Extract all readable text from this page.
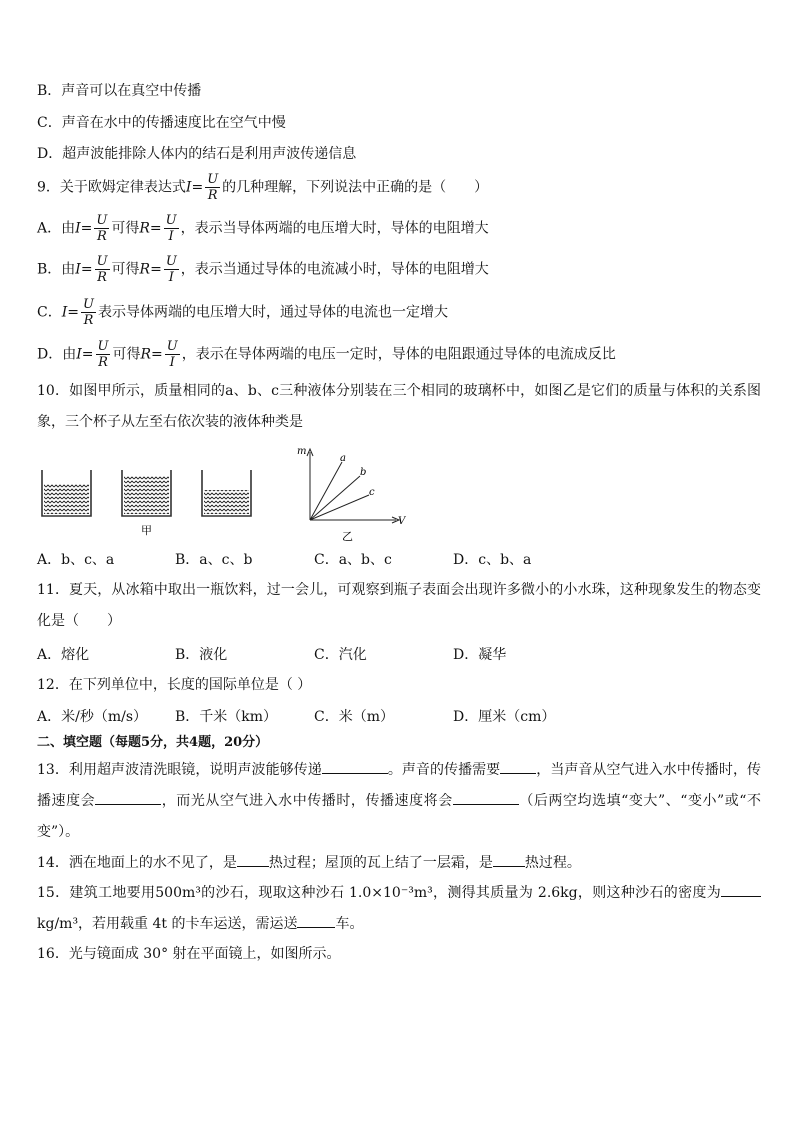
B．声音可以在真空中传播
C．声音在水中的传播速度比在空气中慢
D．超声波能排除人体内的结石是利用声波传递信息
9．关于欧姆定律表达式$I= \frac{U}{R}$ 的几种理解，下列说法中正确的是（　　）
A．由$I= \frac{U}{R}$ 可得$R= \frac{U}{I}$ ，表示当导体两端的电压增大时，导体的电阻增大
B．由$I= \frac{U}{R}$ 可得$R= \frac{U}{I}$ ，表示当通过导体的电流减小时，导体的电阻增大
C．$I= \frac{U}{R}$ 表示导体两端的电压增大时，通过导体的电流也一定增大
D．由$I= \frac{U}{R}$ 可得$R= \frac{U}{I}$ ，表示在导体两端的电压一定时，导体的电阻跟通过导体的电流成反比
10．如图甲所示，质量相同的a、b、c三种液体分别装在三个相同的玻璃杯中，如图乙是它们的质量与体积的关系图象，三个杯子从左至右依次装的液体种类是
甲
m
V
a
b
c
乙
A．b、c、a	B．a、c、b	C．a、b、c	D．c、b、a
11．夏天，从冰箱中取出一瓶饮料，过一会儿，可观察到瓶子表面会出现许多微小的小水珠，这种现象发生的物态变化是（　　）
A．熔化	B．液化	C．汽化	D．凝华
12．在下列单位中，长度的国际单位是（ ）
A．米/秒（m/s） B．千米（km）	C．米（m）	D．厘米（cm）
二、填空题（每题5分，共4题，20分）
13．利用超声波清洗眼镜，说明声波能够传递	。声音的传播需要	，当声音从空气进入水中传播时，传播速度会	，而光从空气进入水中传播时，传播速度将会	（后两空均选填“变大”、“变小”或“不变”）。
14．洒在地面上的水不见了，是 热过程；屋顶的瓦上结了一层霜，是 热过程。
15．建筑工地要用500m³的沙石，现取这种沙石 1.0×10⁻³m³，测得其质量为 2.6kg，则这种沙石的密度为kg/m³，若用载重 4t 的卡车运送，需运送	车。
16．光与镜面成 30° 射在平面镜上，如图所示。
